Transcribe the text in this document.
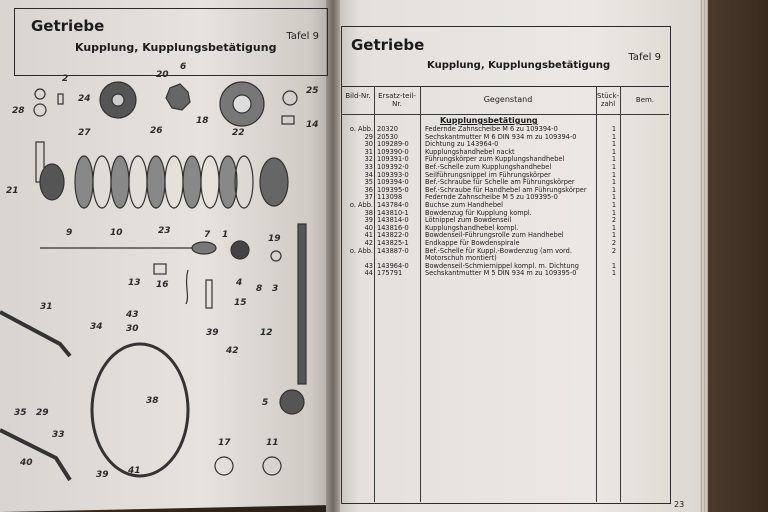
Getriebe
Tafel 9
Kupplung, Kupplungsbetätigung
2	20
6
24
28
25
18
22
14
27	26
21
23
19
9	10	7 1
13 16	4
8 3
43
15
30	12
34
39
42
38	5
17	11
35 29
33
40
39 41
31
Getriebe
Tafel 9
Kupplung, Kupplungsbetätigung
Bild-Nr.	Ersatz-teil-Nr.	Gegenstand	Stück-zahl	Bem.
Kupplungsbetätigung
o. Abb. 20320	Federnde Zahnscheibe M 6 zu 109394-0	1
29 20530	Sechskantmutter M 6 DIN 934 m zu 109394-0	1
30 109289-0 Dichtung zu 143964-0	1
31 109390-0 Kupplungshandhebel nackt	1
32 109391-0 Führungskörper zum Kupplungshandhebel	1
33 109392-0 Bef.-Schelle zum Kupplungshandhebel	1
34 109393-0 Seilführungsnippel im Führungskörper	1
35 109394-0 Bef.-Schraube für Schelle am Führungskörper	1
36 109395-0 Bef.-Schraube für Handhebel am Führungskörper	1
37 113098	Federnde Zahnscheibe M 5 zu 109395-0	1
o. Abb. 143784-0 Buchse zum Handhebel	1
38 143810-1 Bowdenzug für Kupplung kompl.	1
39 143814-0 Lötnippel zum Bowdenseil	2
40 143816-0 Kupplungshandhebel kompl.	1
41 143822-0 Bowdenseil-Führungsrolle zum Handhebel	1
42 143825-1 Endkappe für Bowdenspirale	2
o. Abb. 143887-0 Bef.-Schelle für Kuppl.-Bowdenzug (am vord.	2
Motorschuh montiert)
43 143964-0 Bowdenseil-Schmiernippel kompl. m. Dichtung	1
44 175791	Sechskantmutter M 5 DIN 934 m zu 109395-0	1
23
